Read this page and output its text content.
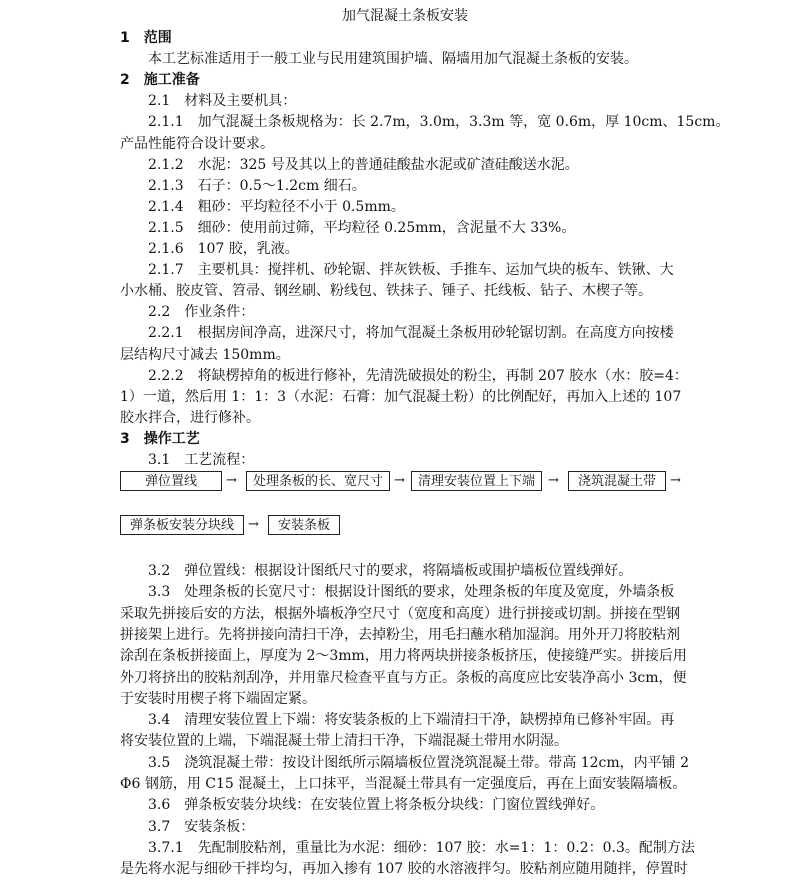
加气混凝土条板安装
1　范围
　　本工艺标准适用于一般工业与民用建筑围护墙、隔墙用加气混凝土条板的安装。
2　施工准备
　　2.1　材料及主要机具：
　　2.1.1　加气混凝土条板规格为：长 2.7m，3.0m，3.3m 等，宽 0.6m，厚 10cm、15cm。
产品性能符合设计要求。
　　2.1.2　水泥：325 号及其以上的普通硅酸盐水泥或矿渣硅酸送水泥。
　　2.1.3　石子：0.5～1.2cm 细石。
　　2.1.4　粗砂：平均粒径不小于 0.5mm。
　　2.1.5　细砂：使用前过筛，平均粒径 0.25mm，含泥量不大 33%。
　　2.1.6　107 胶，乳液。
　　2.1.7　主要机具：搅拌机、砂轮锯、拌灰铁板、手推车、运加气块的板车、铁锹、大
小水桶、胶皮管、笤帚、钢丝刷、粉线包、铁抹子、锤子、托线板、钻子、木楔子等。
　　2.2　作业条件：
　　2.2.1　根据房间净高，进深尺寸，将加气混凝土条板用砂轮锯切割。在高度方向按楼
层结构尺寸减去 150mm。
　　2.2.2　将缺楞掉角的板进行修补，先清洗破损处的粉尘，再制 207 胶水（水：胶=4：
1）一道，然后用 1：1：3（水泥：石膏：加气混凝土粉）的比例配好，再加入上述的 107
胶水拌合，进行修补。
3　操作工艺
　　3.1　工艺流程：
弹位置线	→	处理条板的长、宽尺寸 →	清理安装位置上下端	→	浇筑混凝土带	→
弹条板安装分块线	→	安装条板
　　3.2　弹位置线：根据设计图纸尺寸的要求，将隔墙板或围护墙板位置线弹好。
　　3.3　处理条板的长宽尺寸：根据设计图纸的要求，处理条板的年度及宽度，外墙条板
采取先拼接后安的方法，根据外墙板净空尺寸（宽度和高度）进行拼接或切割。拼接在型钢
拼接架上进行。先将拼接向清扫干净，去掉粉尘，用毛扫蘸水稍加湿润。用外开刀将胶粘剂
涂刮在条板拼接面上，厚度为 2～3mm，用力将两块拼接条板挤压，使接缝严实。拼接后用
外刀将挤出的胶粘剂刮净，并用靠尺检查平直与方正。条板的高度应比安装净高小 3cm，便
于安装时用楔子将下端固定紧。
　　3.4　清理安装位置上下端：将安装条板的上下端清扫干净，缺楞掉角已修补牢固。再
将安装位置的上端，下端混凝土带上清扫干净，下端混凝土带用水阴湿。
　　3.5　浇筑混凝土带：按设计图纸所示隔墙板位置浇筑混凝土带。带高 12cm，内平铺 2
Φ6 钢筋，用 C15 混凝土，上口抹平，当混凝土带具有一定强度后，再在上面安装隔墙板。
　　3.6　弹条板安装分块线：在安装位置上将条板分块线：门窗位置线弹好。
　　3.7　安装条板：
　　3.7.1　先配制胶粘剂，重量比为水泥：细砂：107 胶：水=1：1：0.2：0.3。配制方法
是先将水泥与细砂干拌均匀，再加入掺有 107 胶的水溶液拌匀。胶粘剂应随用随拌，停置时
